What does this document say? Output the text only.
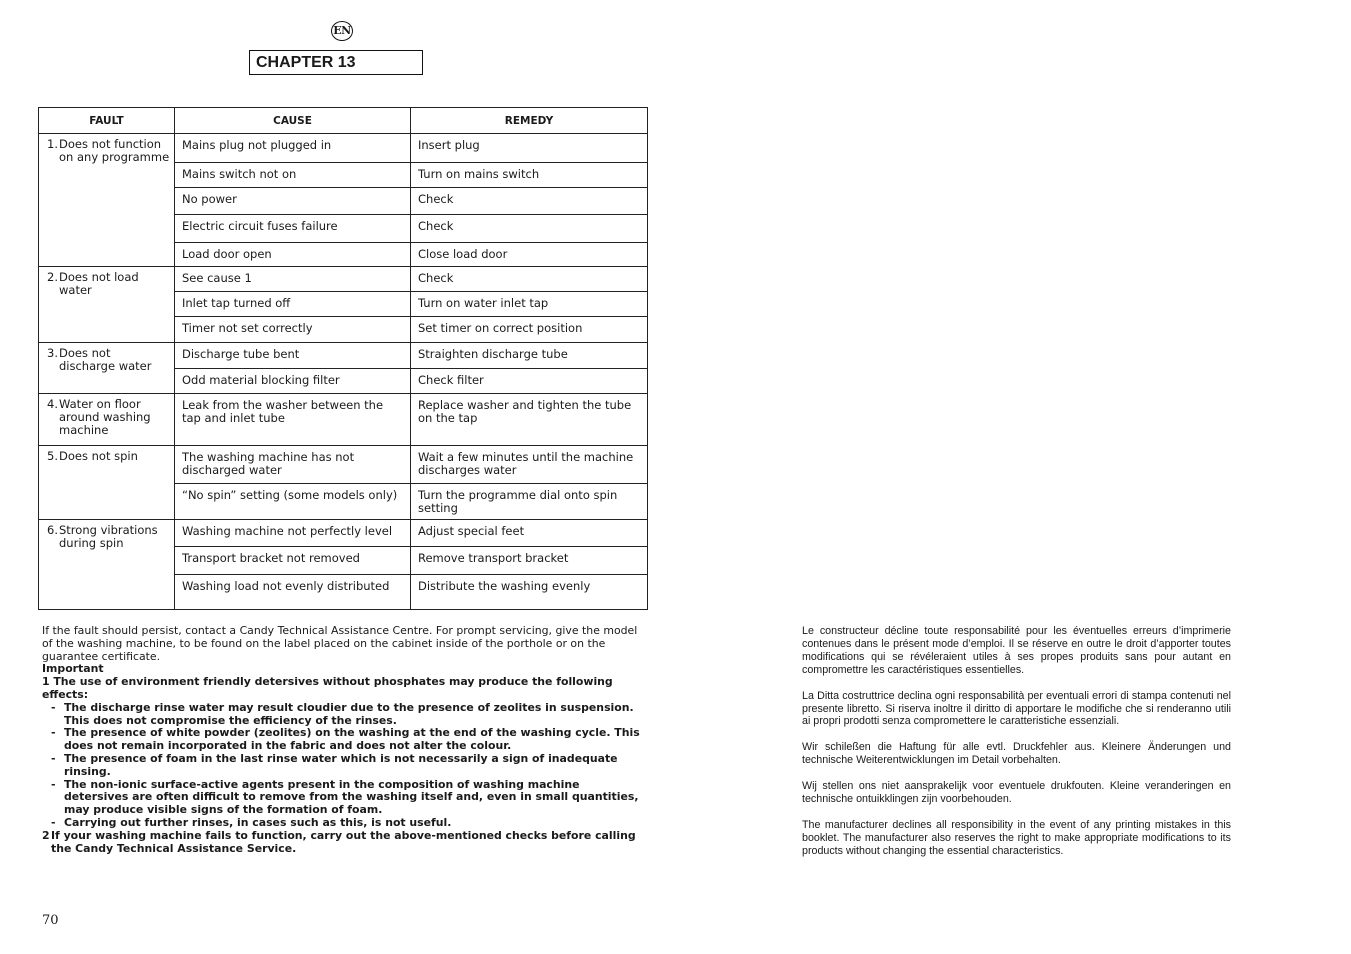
EN
CHAPTER 13
FAULT	CAUSE	REMEDY

1. Does not function on any programme	Mains plug not plugged in	Insert plug
	Mains switch not on	Turn on mains switch
	No power	Check
	Electric circuit fuses failure	Check
	Load door open	Close load door

2. Does not load water	See cause 1	Check
	Inlet tap turned off	Turn on water inlet tap
	Timer not set correctly	Set timer on correct position

3. Does not discharge water	Discharge tube bent	Straighten discharge tube
	Odd material blocking filter	Check filter

4. Water on floor around washing machine	Leak from the washer between the tap and inlet tube	Replace washer and tighten the tube on the tap

5. Does not spin	The washing machine has not discharged water	Wait a few minutes until the machine discharges water
	“No spin” setting (some models only)	Turn the programme dial onto spin setting

6. Strong vibrations during spin	Washing machine not perfectly level	Adjust special feet
	Transport bracket not removed	Remove transport bracket
	Washing load not evenly distributed	Distribute the washing evenly

If the fault should persist, contact a Candy Technical Assistance Centre. For prompt servicing, give the model of the washing machine, to be found on the label placed on the cabinet inside of the porthole or on the guarantee certificate.

Important

1 The use of environment friendly detersives without phosphates may produce the following effects:

- The discharge rinse water may result cloudier due to the presence of zeolites in suspension. This does not compromise the efficiency of the rinses.
- The presence of white powder (zeolites) on the washing at the end of the washing cycle. This does not remain incorporated in the fabric and does not alter the colour.
- The presence of foam in the last rinse water which is not necessarily a sign of inadequate rinsing.
- The non-ionic surface-active agents present in the composition of washing machine detersives are often difficult to remove from the washing itself and, even in small quantities, may produce visible signs of the formation of foam.
- Carrying out further rinses, in cases such as this, is not useful.
2 If your washing machine fails to function, carry out the above-mentioned checks before calling the Candy Technical Assistance Service.
70

Le constructeur décline toute responsabilité pour les éventuelles erreurs d’imprimerie contenues dans le présent mode d’emploi. Il se réserve en outre le droit d’apporter toutes modifications qui se révéleraient utiles à ses propes produits sans pour autant en compromettre les caractéristiques essentielles.

La Ditta costruttrice declina ogni responsabilità per eventuali errori di stampa contenuti nel presente libretto. Si riserva inoltre il diritto di apportare le modifiche che si renderanno utili ai propri prodotti senza compromettere le caratteristiche essenziali.

Wir schileßen die Haftung für alle evtl. Druckfehler aus. Kleinere Änderungen und technische Weiterentwicklungen im Detail vorbehalten.

Wij stellen ons niet aansprakelijk voor eventuele drukfouten. Kleine veranderingen en technische ontuikklingen zijn voorbehouden.

The manufacturer declines all responsibility in the event of any printing mistakes in this booklet. The manufacturer also reserves the right to make appropriate modifications to its products without changing the essential characteristics.
